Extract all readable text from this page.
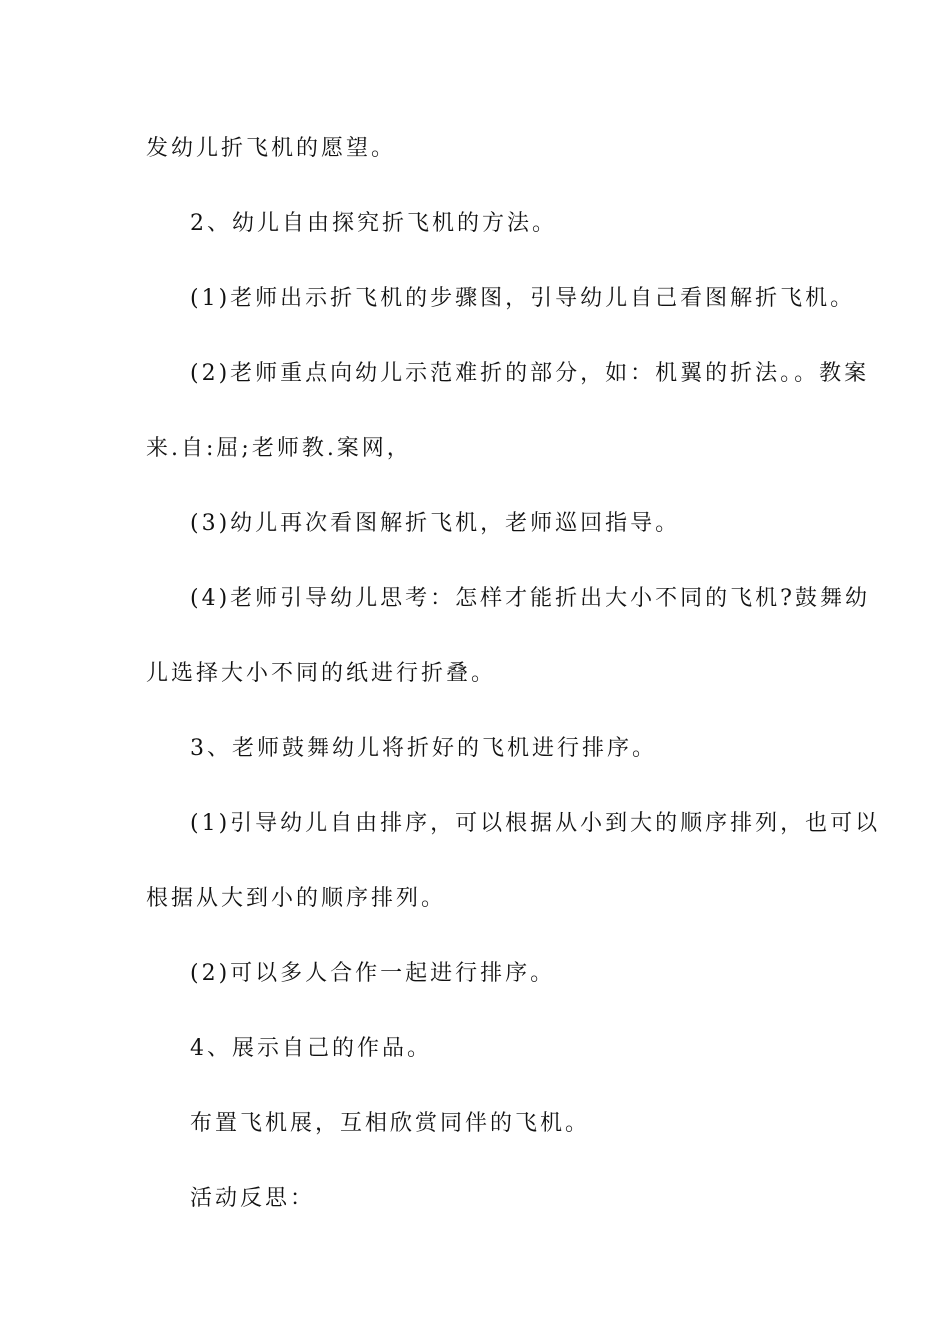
发幼儿折飞机的愿望。
2、幼儿自由探究折飞机的方法。
(1)老师出示折飞机的步骤图，引导幼儿自己看图解折飞机。
(2)老师重点向幼儿示范难折的部分，如：机翼的折法。。教案
来.自:屈;老师教.案网，
(3)幼儿再次看图解折飞机，老师巡回指导。
(4)老师引导幼儿思考：怎样才能折出大小不同的飞机?鼓舞幼
儿选择大小不同的纸进行折叠。
3、老师鼓舞幼儿将折好的飞机进行排序。
(1)引导幼儿自由排序，可以根据从小到大的顺序排列，也可以
根据从大到小的顺序排列。
(2)可以多人合作一起进行排序。
4、展示自己的作品。
布置飞机展，互相欣赏同伴的飞机。
活动反思：
